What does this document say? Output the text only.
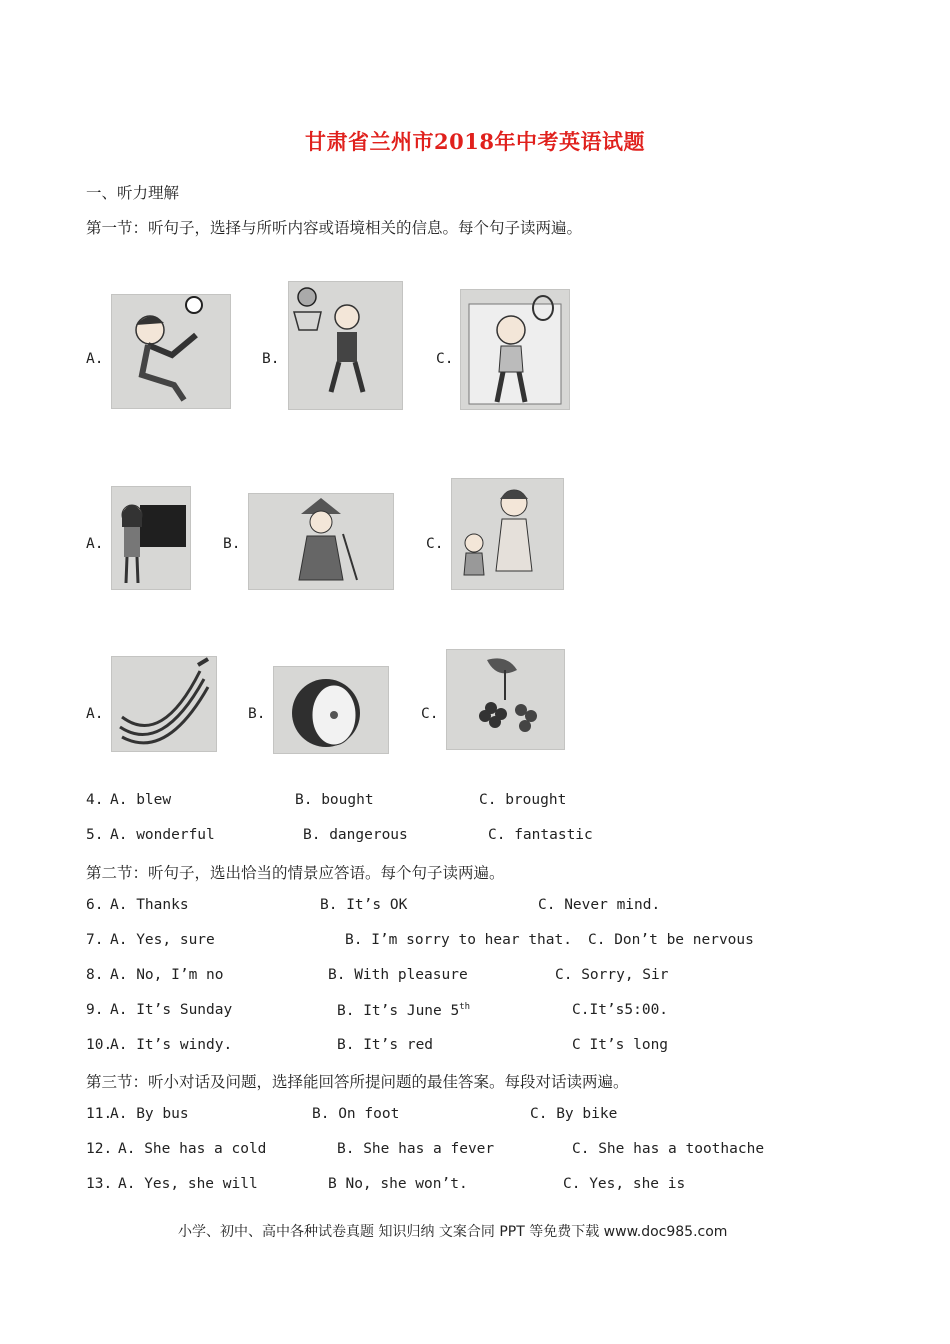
甘肃省兰州市2018年中考英语试题
一、听力理解
第一节：听句子，选择与所听内容或语境相关的信息。每个句子读两遍。
A.	B.	C.
A.	B.	C.
A.	B.	C.
4. A. blew	B. bought	C. brought
5. A. wonderful	B. dangerous	C. fantastic
第二节：听句子，选出恰当的情景应答语。每个句子读两遍。
6. A. Thanks	B. It’s OK	C. Never mind.
7. A. Yes, sure	B. I’m sorry to hear that. C. Don’t be nervous
8. A. No, I’m no	B. With pleasure	C. Sorry, Sir
9. A. It’s Sunday	B. It’s June 5th	C.It’s5:00.
10.
A. It’s windy.	B. It’s red	C It’s long
第三节：听小对话及问题，选择能回答所提问题的最佳答案。每段对话读两遍。
11.
A. By bus	B. On foot	C. By bike
12. A. She has a cold	B. She has a fever	C. She has a toothache
13. A. Yes, she will	B No, she won’t.	C. Yes, she is
小学、初中、高中各种试卷真题 知识归纳 文案合同 PPT 等免费下载 www.doc985.com
